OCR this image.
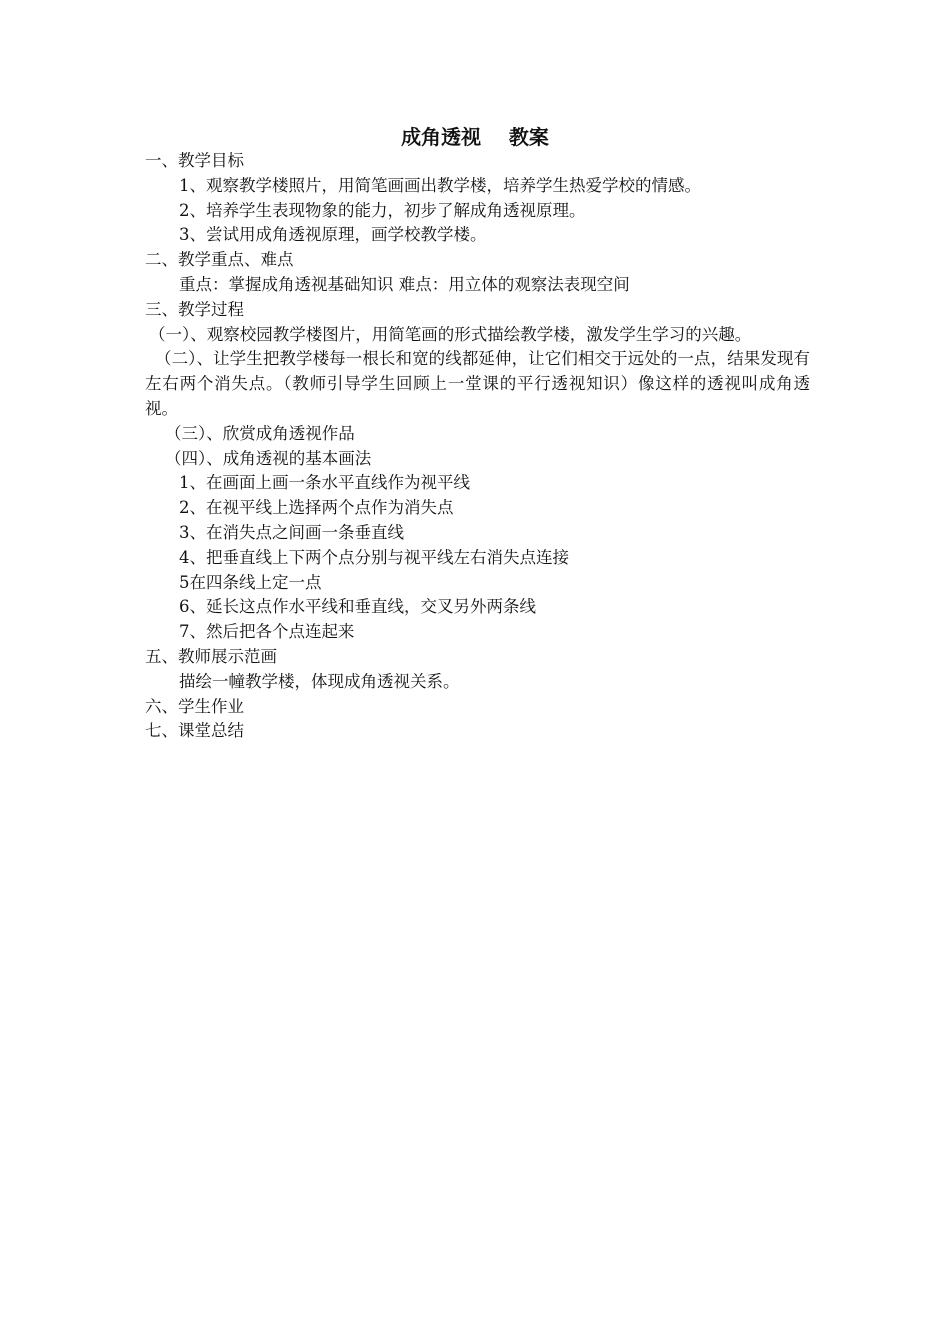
成角透视    教案
一、教学目标
1、观察教学楼照片，用简笔画画出教学楼，培养学生热爱学校的情感。
2、培养学生表现物象的能力，初步了解成角透视原理。
3、尝试用成角透视原理，画学校教学楼。
二、教学重点、难点
重点：掌握成角透视基础知识 难点：用立体的观察法表现空间
三、教学过程
（一）、观察校园教学楼图片，用简笔画的形式描绘教学楼，激发学生学习的兴趣。
（二）、让学生把教学楼每一根长和宽的线都延伸，让它们相交于远处的一点，结果发现有左右两个消失点。（教师引导学生回顾上一堂课的平行透视知识）像这样的透视叫成角透视。
（三）、欣赏成角透视作品
（四）、成角透视的基本画法
1、在画面上画一条水平直线作为视平线
2、在视平线上选择两个点作为消失点
3、在消失点之间画一条垂直线
4、把垂直线上下两个点分别与视平线左右消失点连接
5在四条线上定一点
6、延长这点作水平线和垂直线，交叉另外两条线
7、然后把各个点连起来
五、教师展示范画
描绘一幢教学楼，体现成角透视关系。
六、学生作业
七、课堂总结
